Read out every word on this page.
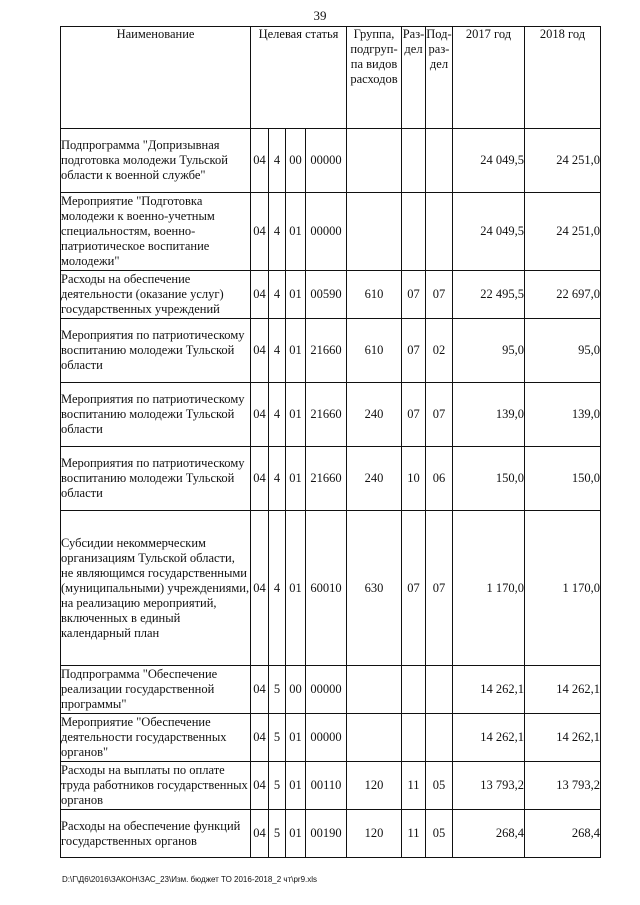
39
Наименование	Целевая статья				Группа, подгруп-па видов расходов	Раз-дел	Под-раз-дел	2017 год	2018 год
Подпрограмма "Допризывная подготовка молодежи Тульской области к военной службе"	04	4	00	00000				24 049,5	24 251,0
Мероприятие "Подготовка молодежи к военно-учетным специальностям, военно-патриотическое воспитание молодежи"	04	4	01	00000				24 049,5	24 251,0
Расходы на обеспечение деятельности (оказание услуг) государственных учреждений	04	4	01	00590	610	07	07	22 495,5	22 697,0
Мероприятия по патриотическому воспитанию молодежи Тульской области	04	4	01	21660	610	07	02	95,0	95,0
Мероприятия по патриотическому воспитанию молодежи Тульской области	04	4	01	21660	240	07	07	139,0	139,0
Мероприятия по патриотическому воспитанию молодежи Тульской области	04	4	01	21660	240	10	06	150,0	150,0
Субсидии некоммерческим организациям Тульской области, не являющимся государственными (муниципальными) учреждениями, на реализацию мероприятий, включенных в единый календарный план	04	4	01	60010	630	07	07	1 170,0	1 170,0
Подпрограмма "Обеспечение реализации государственной программы"	04	5	00	00000				14 262,1	14 262,1
Мероприятие "Обеспечение деятельности государственных органов"	04	5	01	00000				14 262,1	14 262,1
Расходы на выплаты по оплате труда работников государственных органов	04	5	01	00110	120	11	05	13 793,2	13 793,2
Расходы на обеспечение функций государственных органов	04	5	01	00190	120	11	05	268,4	268,4
D:\Г\Д6\2016\ЗАКОН\ЗАС_23\Изм. бюджет ТО 2016-2018_2 чт\pr9.xls
